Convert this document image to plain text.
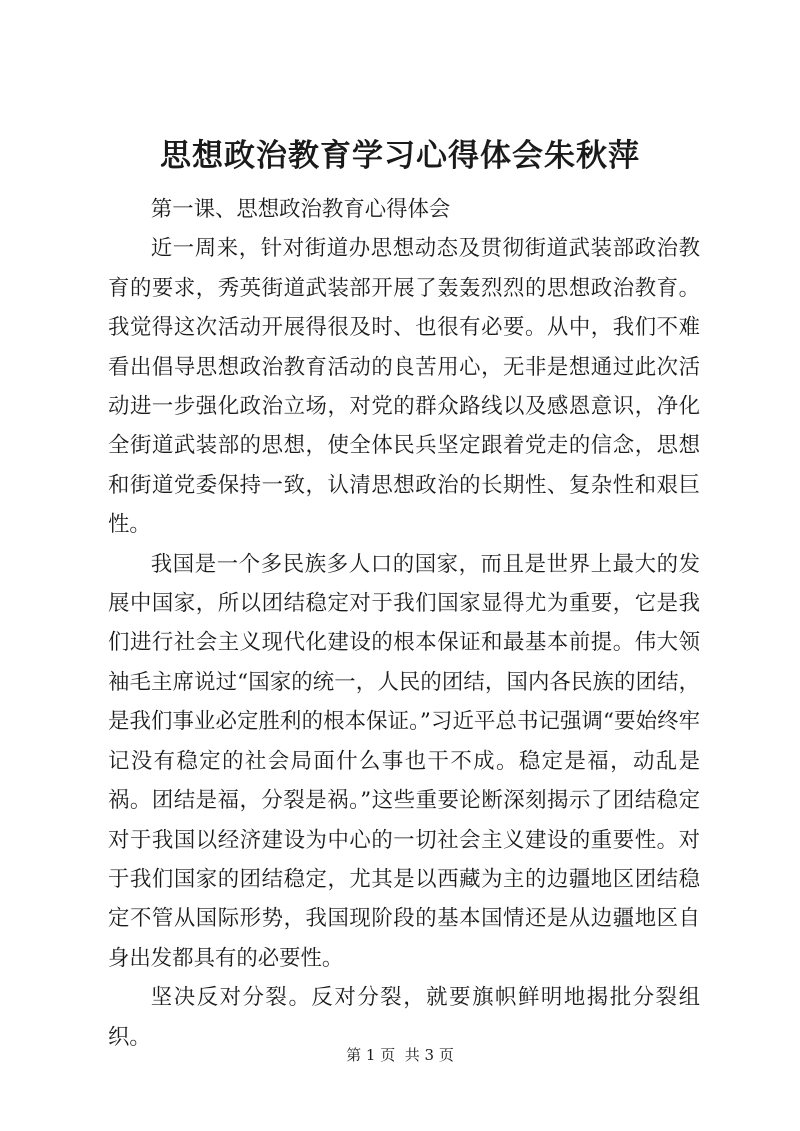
思想政治教育学习心得体会朱秋萍

第一课、思想政治教育心得体会

近一周来，针对街道办思想动态及贯彻街道武装部政治教育的要求，秀英街道武装部开展了轰轰烈烈的思想政治教育。我觉得这次活动开展得很及时、也很有必要。从中，我们不难看出倡导思想政治教育活动的良苦用心，无非是想通过此次活动进一步强化政治立场，对党的群众路线以及感恩意识，净化全街道武装部的思想，使全体民兵坚定跟着党走的信念，思想和街道党委保持一致，认清思想政治的长期性、复杂性和艰巨性。

我国是一个多民族多人口的国家，而且是世界上最大的发展中国家，所以团结稳定对于我们国家显得尤为重要，它是我们进行社会主义现代化建设的根本保证和最基本前提。伟大领袖毛主席说过“国家的统一，人民的团结，国内各民族的团结，是我们事业必定胜利的根本保证。”习近平总书记强调“要始终牢记没有稳定的社会局面什么事也干不成。稳定是福，动乱是祸。团结是福，分裂是祸。”这些重要论断深刻揭示了团结稳定对于我国以经济建设为中心的一切社会主义建设的重要性。对于我们国家的团结稳定，尤其是以西藏为主的边疆地区团结稳定不管从国际形势，我国现阶段的基本国情还是从边疆地区自身出发都具有的必要性。

坚决反对分裂。反对分裂，就要旗帜鲜明地揭批分裂组织。

第 1 页  共 3 页
